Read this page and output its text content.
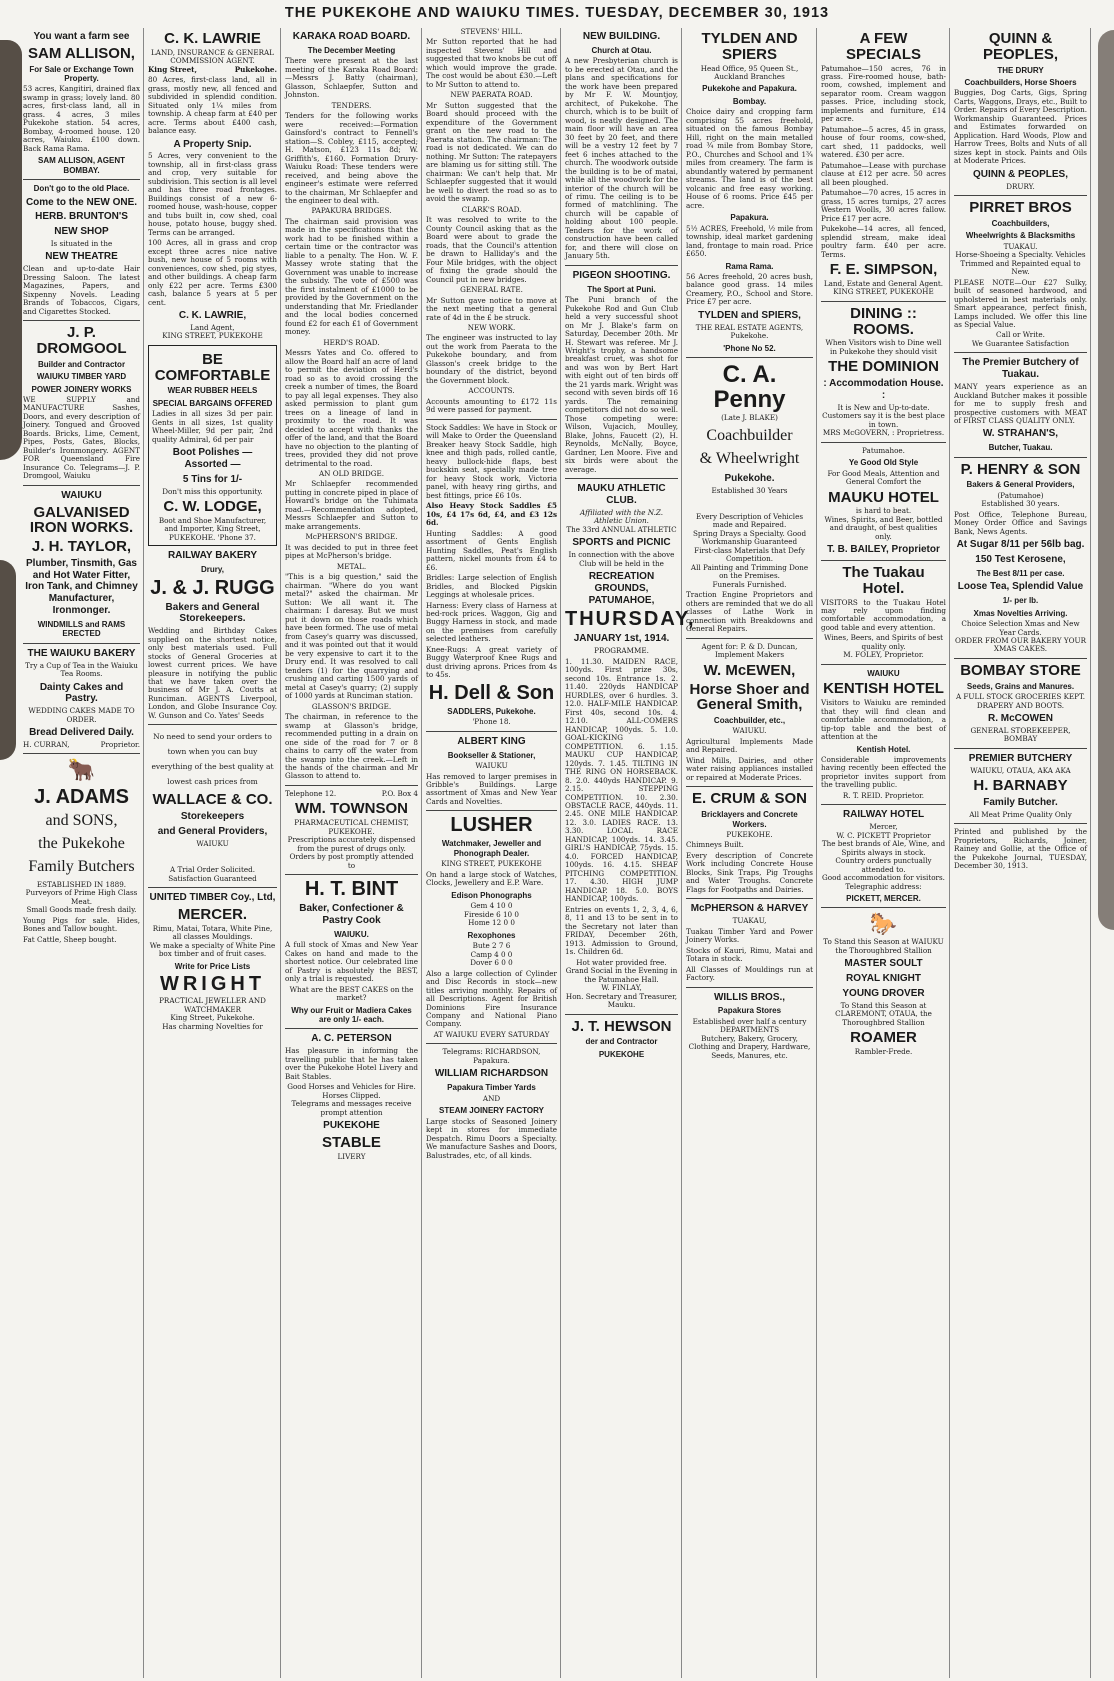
THE PUKEKOHE AND WAIUKU TIMES. TUESDAY, DECEMBER 30, 1913
You want a farm see
SAM ALLISON,
For Sale or Exchange Town Property.
53 acres, Kangitiri, drained flax swamp in grass; lovely land. 80 acres, first-class land, all in grass. 4 acres, 3 miles Pukekohe station. 54 acres, Bombay, 4-roomed house. 120 acres, Waiuku. £100 down. Back Rama Rama.
SAM ALLISON, AGENT BOMBAY.
Don't go to the old Place.
Come to the NEW ONE.
HERB. BRUNTON'S
NEW SHOP
Is situated in the
NEW THEATRE
Clean and up-to-date Hair Dressing Saloon. The latest Magazines, Papers, and Sixpenny Novels. Leading Brands of Tobaccos, Cigars, and Cigarettes Stocked.
J. P. DROMGOOL
Builder and Contractor
WAIUKU TIMBER YARD
POWER JOINERY WORKS
WE SUPPLY and MANUFACTURE Sashes, Doors, and every description of Joinery. Tongued and Grooved Boards. Bricks, Lime, Cement, Pipes, Posts, Gates, Blocks, Builder's Ironmongery. AGENT FOR Queensland Fire Insurance Co. Telegrams—J. P. Dromgool, Waiuku
WAIUKU
GALVANISED IRON WORKS.
J. H. TAYLOR,
Plumber, Tinsmith, Gas and Hot Water Fitter, Iron Tank, and Chimney Manufacturer, Ironmonger.
WINDMILLS and RAMS ERECTED
THE WAIUKU BAKERY
Try a Cup of Tea in the Waiuku Tea Rooms.
Dainty Cakes and Pastry.
WEDDING CAKES MADE TO ORDER.
Bread Delivered Daily.
H. CURRAN,	Proprietor.
🐂
J. ADAMS
and SONS,
the Pukekohe
Family Butchers
ESTABLISHED IN 1889.
Purveyors of Prime High Class Meat.
Small Goods made fresh daily.
Young Pigs for sale. Hides, Bones and Tallow bought.
Fat Cattle, Sheep bought.
C. K. LAWRIE
LAND, INSURANCE & GENERAL COMMISSION AGENT.
King Street,	Pukekohe.
80 Acres, first-class land, all in grass, mostly new, all fenced and subdivided in splendid condition. Situated only 1¼ miles from township. A cheap farm at £40 per acre. Terms about £400 cash, balance easy.
A Property Snip.
5 Acres, very convenient to the township, all in first-class grass and crop, very suitable for subdivision. This section is all level and has three road frontages. Buildings consist of a new 6-roomed house, wash-house, copper and tubs built in, cow shed, coal house, potato house, buggy shed. Terms can be arranged.
100 Acres, all in grass and crop except three acres nice native bush, new house of 5 rooms with conveniences, cow shed, pig styes, and other buildings. A cheap farm only £22 per acre. Terms £300 cash, balance 5 years at 5 per cent.
C. K. LAWRIE,
Land Agent,
KING STREET, PUKEKOHE
BE COMFORTABLE
WEAR RUBBER HEELS
SPECIAL BARGAINS OFFERED
Ladies in all sizes 3d per pair. Gents in all sizes, 1st quality Wheel-Miller, 9d per pair, 2nd quality Admiral, 6d per pair
Boot Polishes — Assorted —
5 Tins for 1/-
Don't miss this opportunity.
C. W. LODGE,
Boot and Shoe Manufacturer, and Importer, King Street, PUKEKOHE. 'Phone 37.
RAILWAY BAKERY
Drury,
J. & J. RUGG
Bakers and General Storekeepers.
Wedding and Birthday Cakes supplied on the shortest notice, only best materials used. Full stocks of General Groceries at lowest current prices. We have pleasure in notifying the public that we have taken over the business of Mr J. A. Coutts at Runciman. AGENTS Liverpool, London, and Globe Insurance Coy. W. Gunson and Co. Yates' Seeds
No need to send your orders to town when you can buy everything of the best quality at lowest cash prices from
WALLACE & CO.
Storekeepers
and General Providers,
WAIUKU
A Trial Order Solicited.
Satisfaction Guaranteed
UNITED TIMBER Coy., Ltd,
MERCER.
Rimu, Matai, Totara, White Pine, all classes Mouldings.
We make a specialty of White Pine box timber and of fruit cases.
Write for Price Lists
WRIGHT
PRACTICAL JEWELLER AND WATCHMAKER
King Street, Pukekohe.
Has charming Novelties for
KARAKA ROAD BOARD.
The December Meeting
There were present at the last meeting of the Karaka Road Board:—Messrs J. Batty (chairman), Glasson, Schlaepfer, Sutton and Johnston.
TENDERS.
Tenders for the following works were received:—Formation Gainsford's contract to Fennell's station—S. Cobley, £115, accepted; H. Matson, £123 11s 8d; W. Griffith's, £160. Formation Drury-Waiuku Road: These tenders were received, and being above the engineer's estimate were referred to the chairman, Mr Schlaepfer and the engineer to deal with.
PAPAKURA BRIDGES.
The chairman said provision was made in the specifications that the work had to be finished within a certain time or the contractor was liable to a penalty. The Hon. W. F. Massey wrote stating that the Government was unable to increase the subsidy. The vote of £500 was the first instalment of £1000 to be provided by the Government on the understanding that Mr. Friedlander and the local bodies concerned found £2 for each £1 of Government money.
HERD'S ROAD.
Messrs Yates and Co. offered to allow the Board half an acre of land to permit the deviation of Herd's road so as to avoid crossing the creek a number of times, the Board to pay all legal expenses. They also asked permission to plant gum trees on a lineage of land in proximity to the road. It was decided to accept with thanks the offer of the land, and that the Board have no objection to the planting of trees, provided they did not prove detrimental to the road.
AN OLD BRIDGE.
Mr Schlaepfer recommended putting in concrete piped in place of Howard's bridge on the Tuhimata road.—Recommendation adopted, Messrs Schlaepfer and Sutton to make arrangements.
McPHERSON'S BRIDGE.
It was decided to put in three feet pipes at McPherson's bridge.
METAL.
"This is a big question," said the chairman. "Where do you want metal?" asked the chairman. Mr Sutton: We all want it. The chairman: I daresay. But we must put it down on those roads which have been formed. The use of metal from Casey's quarry was discussed, and it was pointed out that it would be very expensive to cart it to the Drury end. It was resolved to call tenders (1) for the quarrying and crushing and carting 1500 yards of metal at Casey's quarry; (2) supply of 1000 yards at Runciman station.
GLASSON'S BRIDGE.
The chairman, in reference to the swamp at Glasson's bridge, recommended putting in a drain on one side of the road for 7 or 8 chains to carry off the water from the swamp into the creek.—Left in the hands of the chairman and Mr Glasson to attend to.
Telephone 12.	P.O. Box 4
WM. TOWNSON
PHARMACEUTICAL CHEMIST, PUKEKOHE.
Prescriptions accurately dispensed from the purest of drugs only.
Orders by post promptly attended to
H. T. BINT
Baker, Confectioner & Pastry Cook
WAIUKU.
A full stock of Xmas and New Year Cakes on hand and made to the shortest notice. Our celebrated line of Pastry is absolutely the BEST, only a trial is requested.
What are the BEST CAKES on the market?
Why our Fruit or Madiera Cakes are only 1/- each.
A. C. PETERSON
Has pleasure in informing the travelling public that he has taken over the Pukekohe Hotel Livery and Bait Stables.
Good Horses and Vehicles for Hire.
Horses Clipped.
Telegrams and messages receive prompt attention
PUKEKOHE
STABLE
LIVERY
STEVENS' HILL.
Mr Sutton reported that he had inspected Stevens' Hill and suggested that two knobs be cut off which would improve the grade. The cost would be about £30.—Left to Mr Sutton to attend to.
NEW PAERATA ROAD.
Mr Sutton suggested that the Board should proceed with the expenditure of the Government grant on the new road to the Paerata station. The chairman: The road is not dedicated. We can do nothing. Mr Sutton: The ratepayers are blaming us for sitting still. The chairman: We can't help that. Mr Schlaepfer suggested that it would be well to divert the road so as to avoid the swamp.
CLARK'S ROAD.
It was resolved to write to the County Council asking that as the Board were about to grade the roads, that the Council's attention be drawn to Halliday's and the Four Mile bridges, with the object of fixing the grade should the Council put in new bridges.
GENERAL RATE.
Mr Sutton gave notice to move at the next meeting that a general rate of 4d in the £ be struck.
NEW WORK.
The engineer was instructed to lay out the work from Paerata to the Pukekohe boundary, and from Glasson's creek bridge to the boundary of the district, beyond the Government block.
ACCOUNTS.
Accounts amounting to £172 11s 9d were passed for payment.
Stock Saddles: We have in Stock or will Make to Order the Queensland Breaker heavy Stock Saddle, high knee and thigh pads, rolled cantle, heavy bullock-hide flaps, best buckskin seat, specially made tree for heavy Stock work, Victoria panel, with heavy ring girths, and best fittings, price £6 10s.
Also Heavy Stock Saddles £5 10s, £4 17s 6d, £4, and £3 12s 6d.
Hunting Saddles: A good assortment of Gents English Hunting Saddles, Peat's English pattern, nickel mounts from £4 to £6.
Bridles: Large selection of English Bridles, and Blocked Pigskin Leggings at wholesale prices.
Harness: Every class of Harness at bed-rock prices. Waggon, Gig and Buggy Harness in stock, and made on the premises from carefully selected leathers.
Knee-Rugs: A great variety of Buggy Waterproof Knee Rugs and dust driving aprons. Prices from 4s to 45s.
H. Dell & Son
SADDLERS, Pukekohe.
'Phone 18.
ALBERT KING
Bookseller & Stationer,
WAIUKU
Has removed to larger premises in Gribble's Buildings. Large assortment of Xmas and New Year Cards and Novelties.
LUSHER
Watchmaker, Jeweller and Phonograph Dealer.
KING STREET, PUKEKOHE
On hand a large stock of Watches, Clocks, Jewellery and E.P. Ware.
Edison Phonographs
Gem 4 10 0
Fireside 6 10 0
Home 12 0 0
Rexophones
Bute 2 7 6
Camp 4 0 0
Dover 6 0 0
Also a large collection of Cylinder and Disc Records in stock—new titles arriving monthly. Repairs of all Descriptions. Agent for British Dominions Fire Insurance Company and National Piano Company.
AT WAIUKU EVERY SATURDAY
Telegrams: RICHARDSON, Papakura.
WILLIAM RICHARDSON
Papakura Timber Yards
AND
STEAM JOINERY FACTORY
Large stocks of Seasoned Joinery kept in stores for immediate Despatch. Rimu Doors a Specialty. We manufacture Sashes and Doors, Balustrades, etc, of all kinds.
NEW BUILDING.
Church at Otau.
A new Presbyterian church is to be erected at Otau, and the plans and specifications for the work have been prepared by Mr F. W. Mountjoy, architect, of Pukekohe. The church, which is to be built of wood, is neatly designed. The main floor will have an area 30 feet by 20 feet, and there will be a vestry 12 feet by 7 feet 6 inches attached to the church. The woodwork outside the building is to be of matai, while all the woodwork for the interior of the church will be of rimu. The ceiling is to be formed of matchlining. The church will be capable of holding about 100 people. Tenders for the work of construction have been called for, and there will close on January 5th.
PIGEON SHOOTING.
The Sport at Puni.
The Puni branch of the Pukekohe Rod and Gun Club held a very successful shoot on Mr J. Blake's farm on Saturday, December 20th. Mr H. Stewart was referee. Mr J. Wright's trophy, a handsome breakfast cruet, was shot for and was won by Bert Hart with eight out of ten birds off the 21 yards mark. Wright was second with seven birds off 16 yards. The remaining competitors did not do so well. Those competing were: Wilson, Vujacich, Moulley, Blake, Johns, Faucett (2), H. Reynolds, McNally, Boyce, Gardner, Len Moore. Five and six birds were about the average.
MAUKU ATHLETIC CLUB.
Affiliated with the N.Z. Athletic Union.
The 33rd ANNUAL ATHLETIC
SPORTS and PICNIC
In connection with the above Club will be held in the
RECREATION GROUNDS, PATUMAHOE,
THURSDAY,
JANUARY 1st, 1914.
PROGRAMME.
1. 11.30. MAIDEN RACE, 100yds. First prize 30s, second 10s. Entrance 1s. 2. 11.40. 220yds HANDICAP HURDLES, over 6 hurdles. 3. 12.0. HALF-MILE HANDICAP. First 40s, second 10s. 4. 12.10. ALL-COMERS HANDICAP, 100yds. 5. 1.0. GOAL-KICKING COMPETITION. 6. 1.15. MAUKU CUP HANDICAP, 120yds. 7. 1.45. TILTING IN THE RING ON HORSEBACK. 8. 2.0. 440yds HANDICAP. 9. 2.15. STEPPING COMPETITION. 10. 2.30. OBSTACLE RACE, 440yds. 11. 2.45. ONE MILE HANDICAP. 12. 3.0. LADIES RACE. 13. 3.30. LOCAL RACE HANDICAP, 100yds. 14. 3.45. GIRL'S HANDICAP, 75yds. 15. 4.0. FORCED HANDICAP, 100yds. 16. 4.15. SHEAF PITCHING COMPETITION. 17. 4.30. HIGH JUMP HANDICAP. 18. 5.0. BOYS HANDICAP, 100yds.
Entries on events 1, 2, 3, 4, 6, 8, 11 and 13 to be sent in to the Secretary not later than FRIDAY, December 26th, 1913. Admission to Ground, 1s. Children 6d.
Hot water provided free.
Grand Social in the Evening in the Patumahoe Hall.
W. FINLAY,
Hon. Secretary and Treasurer, Mauku.
J. T. HEWSON
der and Contractor
PUKEKOHE
TYLDEN AND SPIERS
Head Office, 95 Queen St., Auckland Branches
Pukekohe and Papakura.
Bombay.
Choice dairy and cropping farm comprising 55 acres freehold, situated on the famous Bombay Hill, right on the main metalled road ¾ mile from Bombay Store, P.O., Churches and School and 1¾ miles from creamery. The farm is abundantly watered by permanent streams. The land is of the best volcanic and free easy working. House of 6 rooms. Price £45 per acre.
Papakura.
5½ ACRES, Freehold, ½ mile from township, ideal market gardening land, frontage to main road. Price £650.
Rama Rama.
56 Acres freehold, 20 acres bush, balance good grass. 14 miles Creamery, P.O., School and Store. Price £7 per acre.
TYLDEN and SPIERS,
THE REAL ESTATE AGENTS, Pukekohe.
'Phone No 52.
C. A. Penny
(Late J. BLAKE)
Coachbuilder
& Wheelwright
Pukekohe.
Established 30 Years
Every Description of Vehicles made and Repaired.
Spring Drays a Specialty. Good Workmanship Guaranteed
First-class Materials that Defy Competition.
All Painting and Trimming Done on the Premises.
Funerals Furnished.
Traction Engine Proprietors and others are reminded that we do all classes of Lathe Work in connection with Breakdowns and General Repairs.
Agent for: P. & D. Duncan, Implement Makers
W. McEWEN,
Horse Shoer and General Smith,
Coachbuilder, etc.,
WAIUKU.
Agricultural Implements Made and Repaired.
Wind Mills, Dairies, and other water raising appliances installed or repaired at Moderate Prices.
E. CRUM & SON
Bricklayers and Concrete Workers.
PUKEKOHE.
Chimneys Built.
Every description of Concrete Work including Concrete House Blocks, Sink Traps, Pig Troughs and Water Troughs. Concrete Flags for Footpaths and Dairies.
McPHERSON & HARVEY
TUAKAU,
Tuakau Timber Yard and Power Joinery Works.
Stocks of Kauri, Rimu, Matai and Totara in stock.
All Classes of Mouldings run at Factory.
WILLIS BROS.,
Papakura Stores
Established over half a century
DEPARTMENTS
Butchery, Bakery, Grocery, Clothing and Drapery, Hardware, Seeds, Manures, etc.
A FEW SPECIALS
Patumahoe—150 acres, 76 in grass. Fire-roomed house, bath-room, cowshed, implement and separator room. Cream waggon passes. Price, including stock, implements and furniture, £14 per acre.
Patumahoe—5 acres, 45 in grass, house of four rooms, cow-shed, cart shed, 11 paddocks, well watered. £30 per acre.
Patumahoe—Lease with purchase clause at £12 per acre. 50 acres all been ploughed.
Patumahoe—70 acres, 15 acres in grass, 15 acres turnips, 27 acres Western Woolls, 30 acres fallow. Price £17 per acre.
Pukekohe—14 acres, all fenced, splendid stream, make ideal poultry farm. £40 per acre. Terms.
F. E. SIMPSON,
Land, Estate and General Agent.
KING STREET, PUKEKOHE
DINING :: ROOMS.
When Visitors wish to Dine well in Pukekohe they should visit
THE DOMINION
: Accommodation House. :
It is New and Up-to-date. Customers say it is the best place in town.
MRS McGOVERN, : Proprietress.
Patumahoe.
Ye Good Old Style
For Good Meals, Attention and General Comfort the
MAUKU HOTEL
is hard to beat.
Wines, Spirits, and Beer, bottled and draught, of best qualities only.
T. B. BAILEY, Proprietor
The Tuakau Hotel.
VISITORS to the Tuakau Hotel may rely upon finding comfortable accommodation, a good table and every attention.
Wines, Beers, and Spirits of best quality only.
M. FOLEY, Proprietor.
WAIUKU
KENTISH HOTEL
Visitors to Waiuku are reminded that they will find clean and comfortable accommodation, a tip-top table and the best of attention at the
Kentish Hotel.
Considerable improvements having recently been effected the proprietor invites support from the travelling public.
R. T. REID. Proprietor.
RAILWAY HOTEL
Mercer,
W. C. PICKETT Proprietor
The best brands of Ale, Wine, and Spirits always in stock.
Country orders punctually attended to.
Good accommodation for visitors.
Telegraphic address:
PICKETT, MERCER.
🐎
To Stand this Season at WAIUKU the Thoroughbred Stallion
MASTER SOULT
ROYAL KNIGHT
YOUNG DROVER
To Stand this Season at CLAREMONT, OTAUA, the Thoroughbred Stallion
ROAMER
Rambler-Frede.
QUINN & PEOPLES,
THE DRURY
Coachbuilders, Horse Shoers
Buggies, Dog Carts, Gigs, Spring Carts, Waggons, Drays, etc., Built to Order. Repairs of Every Description. Workmanship Guaranteed. Prices and Estimates forwarded on Application. Hard Woods, Plow and Harrow Trees, Bolts and Nuts of all sizes kept in stock. Paints and Oils at Moderate Prices.
QUINN & PEOPLES,
DRURY.
PIRRET BROS
Coachbuilders,
Wheelwrights & Blacksmiths
TUAKAU.
Horse-Shoeing a Specialty. Vehicles Trimmed and Repainted equal to New.
PLEASE NOTE—Our £27 Sulky, built of seasoned hardwood, and upholstered in best materials only. Smart appearance, perfect finish, Lamps included. We offer this line as Special Value.
Call or Write.
We Guarantee Satisfaction
The Premier Butchery of Tuakau.
MANY years experience as an Auckland Butcher makes it possible for me to supply fresh and prospective customers with MEAT of FIRST CLASS QUALITY ONLY.
W. STRAHAN'S,
Butcher, Tuakau.
P. HENRY & SON
Bakers & General Providers,
(Patumahoe)
Established 30 years.
Post Office, Telephone Bureau, Money Order Office and Savings Bank, News Agents.
At Sugar 8/11 per 56lb bag.
150 Test Kerosene,
The Best 8/11 per case.
Loose Tea, Splendid Value
1/- per lb.
Xmas Novelties Arriving.
Choice Selection Xmas and New Year Cards.
ORDER FROM OUR BAKERY YOUR XMAS CAKES.
BOMBAY STORE
Seeds, Grains and Manures.
A FULL STOCK GROCERIES KEPT.
DRAPERY AND BOOTS.
R. McCOWEN
GENERAL STOREKEEPER, BOMBAY
PREMIER BUTCHERY
WAIUKU, OTAUA, AKA AKA
H. BARNABY
Family Butcher.
All Meat Prime Quality Only
Printed and published by the Proprietors, Richards, Joiner, Rainey and Gollie, at the Office of the Pukekohe Journal, TUESDAY, December 30, 1913.
